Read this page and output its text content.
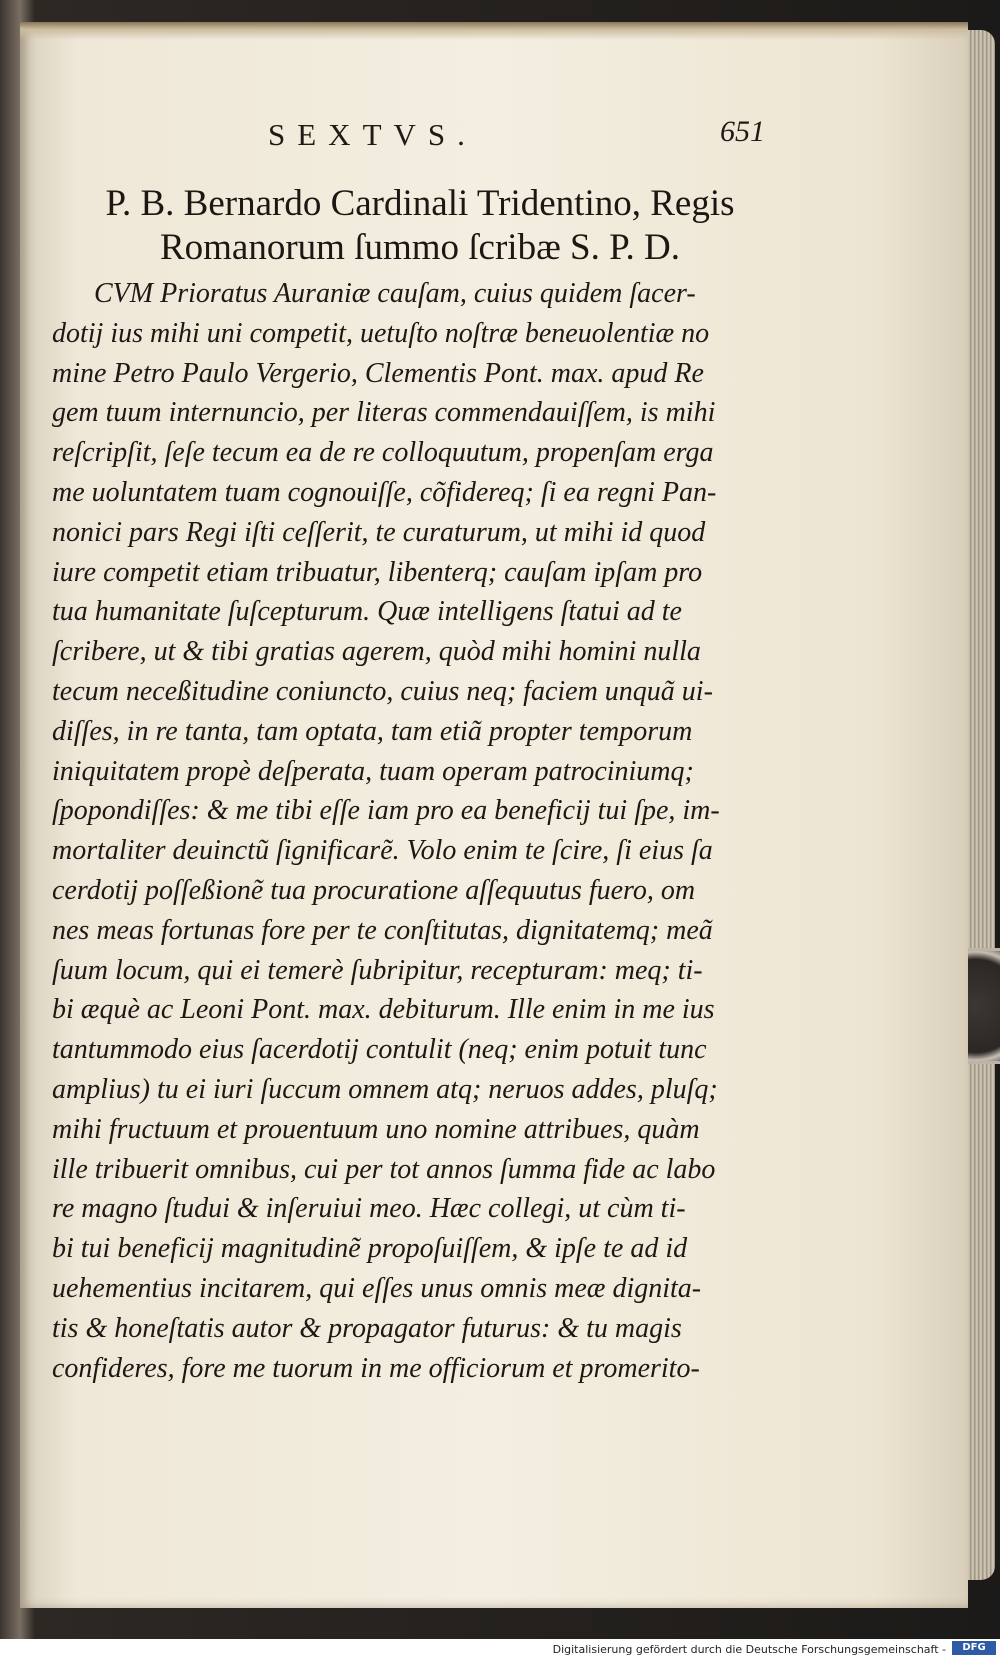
SEXTVS.	651
P. B. Bernardo Cardinali Tridentino, Regis
Romanorum ſummo ſcribæ S. P. D.
CVM Prioratus Auraniæ cauſam, cuius quidem ſacer-
dotij ius mihi uni competit, uetuſto noſtræ beneuolentiæ no
mine Petro Paulo Vergerio, Clementis Pont. max. apud Re
gem tuum internuncio, per literas commendauiſſem, is mihi
reſcripſit, ſeſe tecum ea de re colloquutum, propenſam erga
me uoluntatem tuam cognouiſſe, cõfidereq; ſi ea regni Pan-
nonici pars Regi iſti ceſſerit, te curaturum, ut mihi id quod
iure competit etiam tribuatur, libenterq; cauſam ipſam pro
tua humanitate ſuſcepturum. Quæ intelligens ſtatui ad te
ſcribere, ut & tibi gratias agerem, quòd mihi homini nulla
tecum neceßitudine coniuncto, cuius neq; faciem unquã ui-
diſſes, in re tanta, tam optata, tam etiã propter temporum
iniquitatem propè deſperata, tuam operam patrociniumq;
ſpopondiſſes: & me tibi eſſe iam pro ea beneficij tui ſpe, im-
mortaliter deuinctũ ſignificarẽ. Volo enim te ſcire, ſi eius ſa
cerdotij poſſeßionẽ tua procuratione aſſequutus fuero, om
nes meas fortunas fore per te conſtitutas, dignitatemq; meã
ſuum locum, qui ei temerè ſubripitur, recepturam: meq; ti-
bi æquè ac Leoni Pont. max. debiturum. Ille enim in me ius
tantummodo eius ſacerdotij contulit (neq; enim potuit tunc
amplius) tu ei iuri ſuccum omnem atq; neruos addes, pluſq;
mihi fructuum et prouentuum uno nomine attribues, quàm
ille tribuerit omnibus, cui per tot annos ſumma fide ac labo
re magno ſtudui & inſeruiui meo. Hæc collegi, ut cùm ti-
bi tui beneficij magnitudinẽ propoſuiſſem, & ipſe te ad id
uehementius incitarem, qui eſſes unus omnis meæ dignita-
tis & honeſtatis autor & propagator futurus: & tu magis
confideres, fore me tuorum in me officiorum et promerito-
Digitalisierung gefördert durch die Deutsche Forschungsgemeinschaft -	DFG
